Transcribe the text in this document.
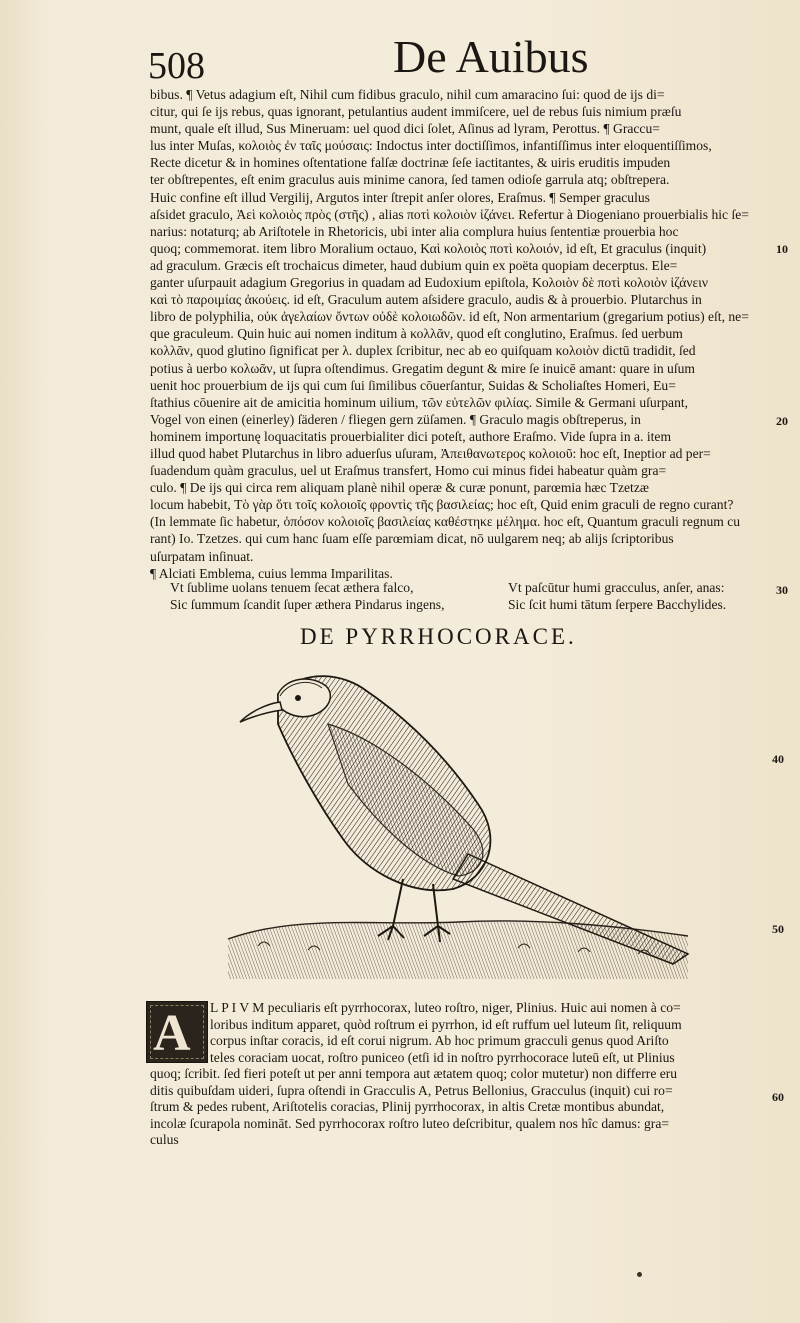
508	De Auibus
bibus. ¶ Vetus adagium eſt, Nihil cum fidibus graculo, nihil cum amaracino ſui: quod de ijs di=
citur, qui ſe ijs rebus, quas ignorant, petulantius audent immiſcere, uel de rebus ſuis nimium præſu
munt, quale eſt illud, Sus Mineruam: uel quod dici ſolet, Aſinus ad lyram, Perottus. ¶ Graccu=
lus inter Muſas, κολοιὸς ἐν ταῖς μούσαις: Indoctus inter doctiſſimos, infantiſſimus inter eloquentiſſimos,
Recte dicetur & in homines oſtentatione falſæ doctrinæ ſeſe iactitantes, & uiris eruditis impuden
ter obſtrepentes, eſt enim graculus auis minime canora, ſed tamen odioſe garrula atq; obſtrepera.
Huic confine eſt illud Vergilij, Argutos inter ſtrepit anſer olores, Eraſmus. ¶ Semper graculus
aſsidet graculo, Ἀεὶ κολοιὸς πρὸς (στῆς) , alias ποτὶ κολοιὸν ἱζάνει. Refertur à Diogeniano prouerbialis hic ſe=
narius: notaturq; ab Ariſtotele in Rhetoricis, ubi inter alia complura huius ſententiæ prouerbia hoc
quoq; commemorat. item libro Moralium octauo, Καὶ κολοιὸς ποτὶ κολοιόν, id eſt, Et graculus (inquit)
ad graculum. Græcis eſt trochaicus dimeter, haud dubium quin ex poëta quopiam decerptus. Ele=
ganter uſurpauit adagium Gregorius in quadam ad Eudoxium epiſtola, Κολοιὸν δὲ ποτὶ κολοιὸν ἱζάνειν
καὶ τὸ παροιμίας ἀκούεις. id eſt, Graculum autem aſsidere graculo, audis & à prouerbio. Plutarchus in
libro de polyphilia, οὐκ ἀγελαίων ὄντων οὐδὲ κολοιωδῶν. id eſt, Non armentarium (gregarium potius) eſt, ne=
que graculeum. Quin huic aui nomen inditum à κολλᾶν, quod eſt conglutino, Eraſmus. ſed uerbum
κολλᾶν, quod glutino ſignificat per λ. duplex ſcribitur, nec ab eo quiſquam κολοιὸν dictū tradidit, ſed
potius à uerbo κολωᾶν, ut ſupra oſtendimus. Gregatim degunt & mire ſe inuicē amant: quare in uſum
uenit hoc prouerbium de ijs qui cum ſui ſimilibus cōuerſantur, Suidas & Scholiaſtes Homeri, Eu=
ſtathius cōuenire ait de amicitia hominum uilium, τῶν εὐτελῶν φιλίας. Simile & Germani uſurpant,
Vogel von einen (einerley) ſäderen / fliegen gern züſamen. ¶ Graculo magis obſtreperus, in
hominem importunę loquacitatis prouerbialiter dici poteſt, authore Eraſmo. Vide ſupra in a. item
illud quod habet Plutarchus in libro aduerſus uſuram, Ἀπειθανωτερος κολοιοῦ: hoc eſt, Ineptior ad per=
ſuadendum quàm graculus, uel ut Eraſmus transfert, Homo cui minus fidei habeatur quàm gra=
culo. ¶ De ijs qui circa rem aliquam planè nihil operæ & curæ ponunt, parœmia hæc Tzetzæ
locum habebit, Τὸ γὰρ ὅτι τοῖς κολοιοῖς φροντὶς τῆς βασιλείας; hoc eſt, Quid enim graculi de regno curant?
(In lemmate ſic habetur, ὁπόσον κολοιοῖς βασιλείας καθέστηκε μέλημα. hoc eſt, Quantum graculi regnum cu
rant) Io. Tzetzes. qui cum hanc ſuam eſſe parœmiam dicat, nō uulgarem neq; ab alijs ſcriptoribus
uſurpatam inſinuat.
¶ Alciati Emblema, cuius lemma Imparilitas.
10
20
30
40
50
60
Vt ſublime uolans tenuem ſecat æthera falco,
Sic ſummum ſcandit ſuper æthera Pindarus ingens,
Vt paſcūtur humi gracculus, anſer, anas:
Sic ſcit humi tātum ſerpere Bacchylides.
DE PYRRHOCORACE.
A L P I V M peculiaris eſt pyrrhocorax, luteo roſtro, niger, Plinius. Huic aui nomen à co=
loribus inditum apparet, quòd roſtrum ei pyrrhon, id eſt ruffum uel luteum ſit, reliquum
corpus inſtar coracis, id eſt corui nigrum. Ab hoc primum gracculi genus quod Ariſto
teles coraciam uocat, roſtro puniceo (etſi id in noſtro pyrrhocorace luteū eſt, ut Plinius
quoq; ſcribit. ſed fieri poteſt ut per anni tempora aut ætatem quoq; color mutetur) non differre eru
ditis quibuſdam uideri, ſupra oſtendi in Gracculis A, Petrus Bellonius, Gracculus (inquit) cui ro=
ſtrum & pedes rubent, Ariſtotelis coracias, Plinij pyrrhocorax, in altis Cretæ montibus abundat,
incolæ ſcurapola nomināt. Sed pyrrhocorax roſtro luteo deſcribitur, qualem nos hîc damus: gra=
culus
